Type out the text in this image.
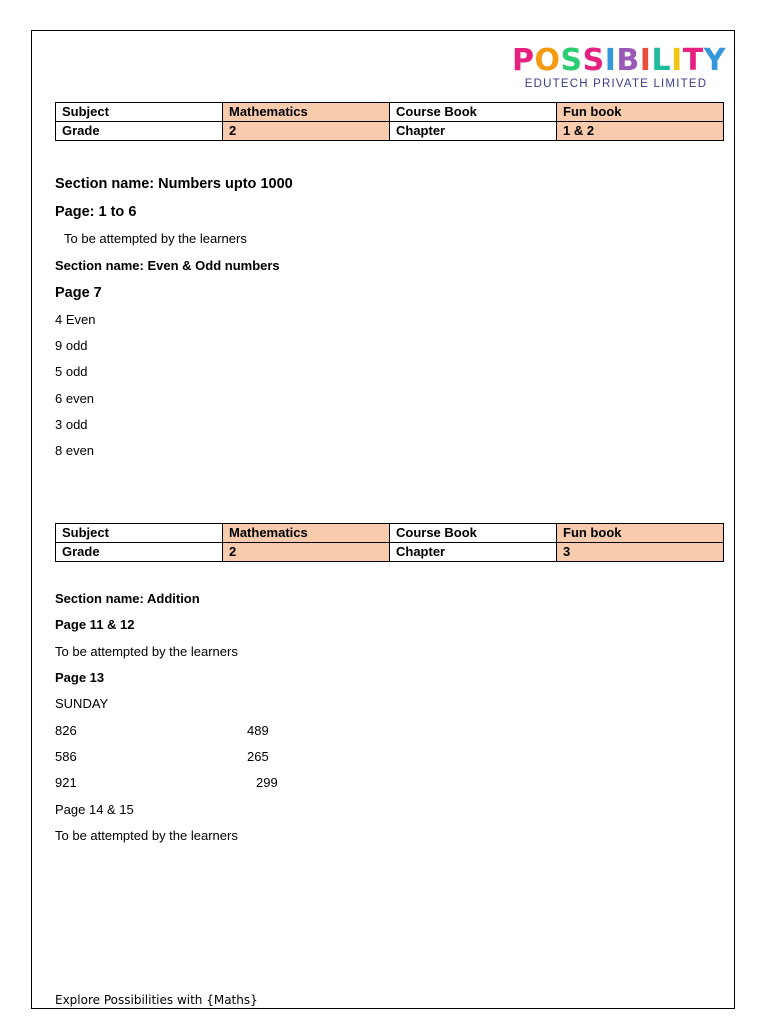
P O S S I B I L I T Y
EDUTECH PRIVATE LIMITED
Subject	Mathematics	Course Book	Fun book
Grade	2	Chapter	1 & 2
Section name: Numbers upto 1000
Page: 1 to 6
To be attempted by the learners
Section name: Even & Odd numbers
Page 7
4 Even
9 odd
5 odd
6 even
3 odd
8 even
Subject	Mathematics	Course Book	Fun book
Grade	2	Chapter	3
Section name: Addition
Page 11 & 12
To be attempted by the learners
Page 13
SUNDAY
826	489
586	265
921	299
Page 14 & 15
To be attempted by the learners
Explore Possibilities with {Maths}
